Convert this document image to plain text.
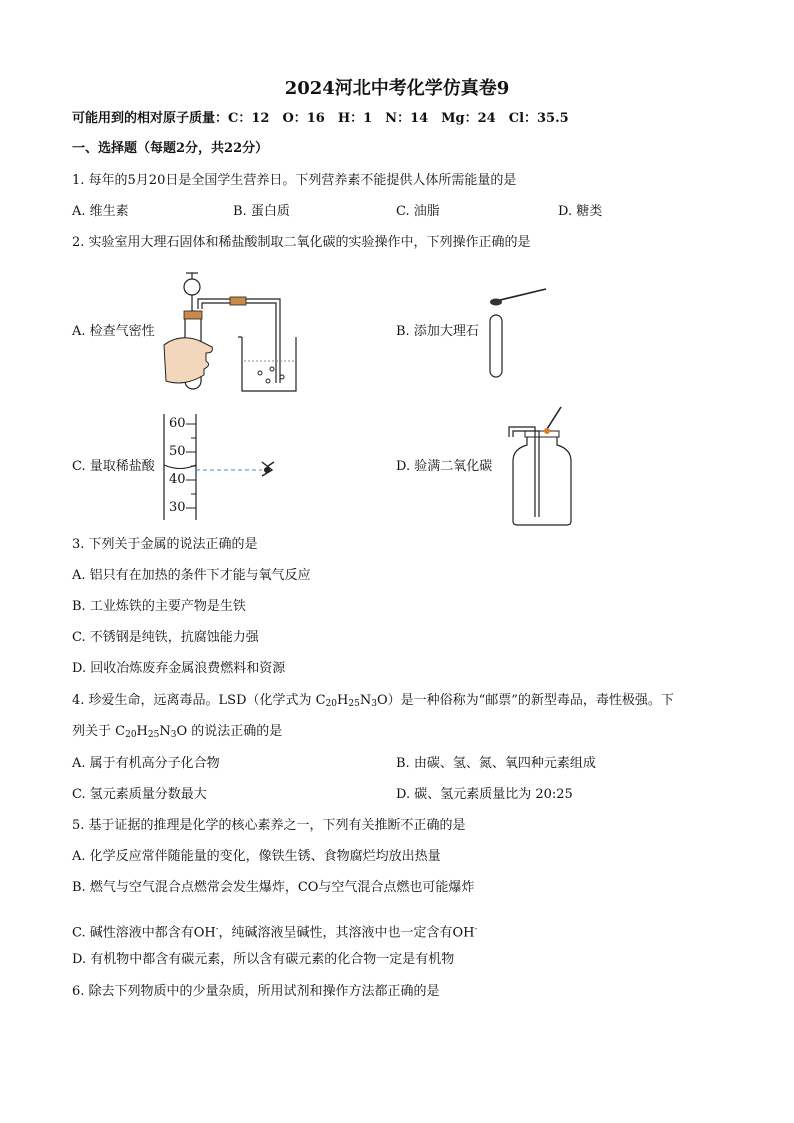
2024河北中考化学仿真卷9
可能用到的相对原子质量：C：12　O：16　H：1　N：14　Mg：24　Cl：35.5
一、选择题（每题2分，共22分）
1. 每年的5月20日是全国学生营养日。下列营养素不能提供人体所需能量的是
A. 维生素	B. 蛋白质	C. 油脂	D. 糖类
2. 实验室用大理石固体和稀盐酸制取二氧化碳的实验操作中，下列操作正确的是
A. 检查气密性	B. 添加大理石
60
50
40
30
C. 量取稀盐酸	D. 验满二氧化碳
3. 下列关于金属的说法正确的是
A. 铝只有在加热的条件下才能与氧气反应
B. 工业炼铁的主要产物是生铁
C. 不锈钢是纯铁，抗腐蚀能力强
D. 回收冶炼废弃金属浪费燃料和资源
4. 珍爱生命，远离毒品。LSD（化学式为 $C_{20}H_{25}N_3O$）是一种俗称为“邮票”的新型毒品，毒性极强。下
列关于 $C_{20}H_{25}N_3O$ 的说法正确的是
A. 属于有机高分子化合物	B. 由碳、氢、氮、氧四种元素组成
C. 氢元素质量分数最大	D. 碳、氢元素质量比为 20:25
5. 基于证据的推理是化学的核心素养之一，下列有关推断不正确的是
A. 化学反应常伴随能量的变化，像铁生锈、食物腐烂均放出热量
B. 燃气与空气混合点燃常会发生爆炸，CO与空气混合点燃也可能爆炸
C. 碱性溶液中都含有OH-，纯碱溶液呈碱性，其溶液中也一定含有OH-
D. 有机物中都含有碳元素，所以含有碳元素的化合物一定是有机物
6. 除去下列物质中的少量杂质，所用试剂和操作方法都正确的是
